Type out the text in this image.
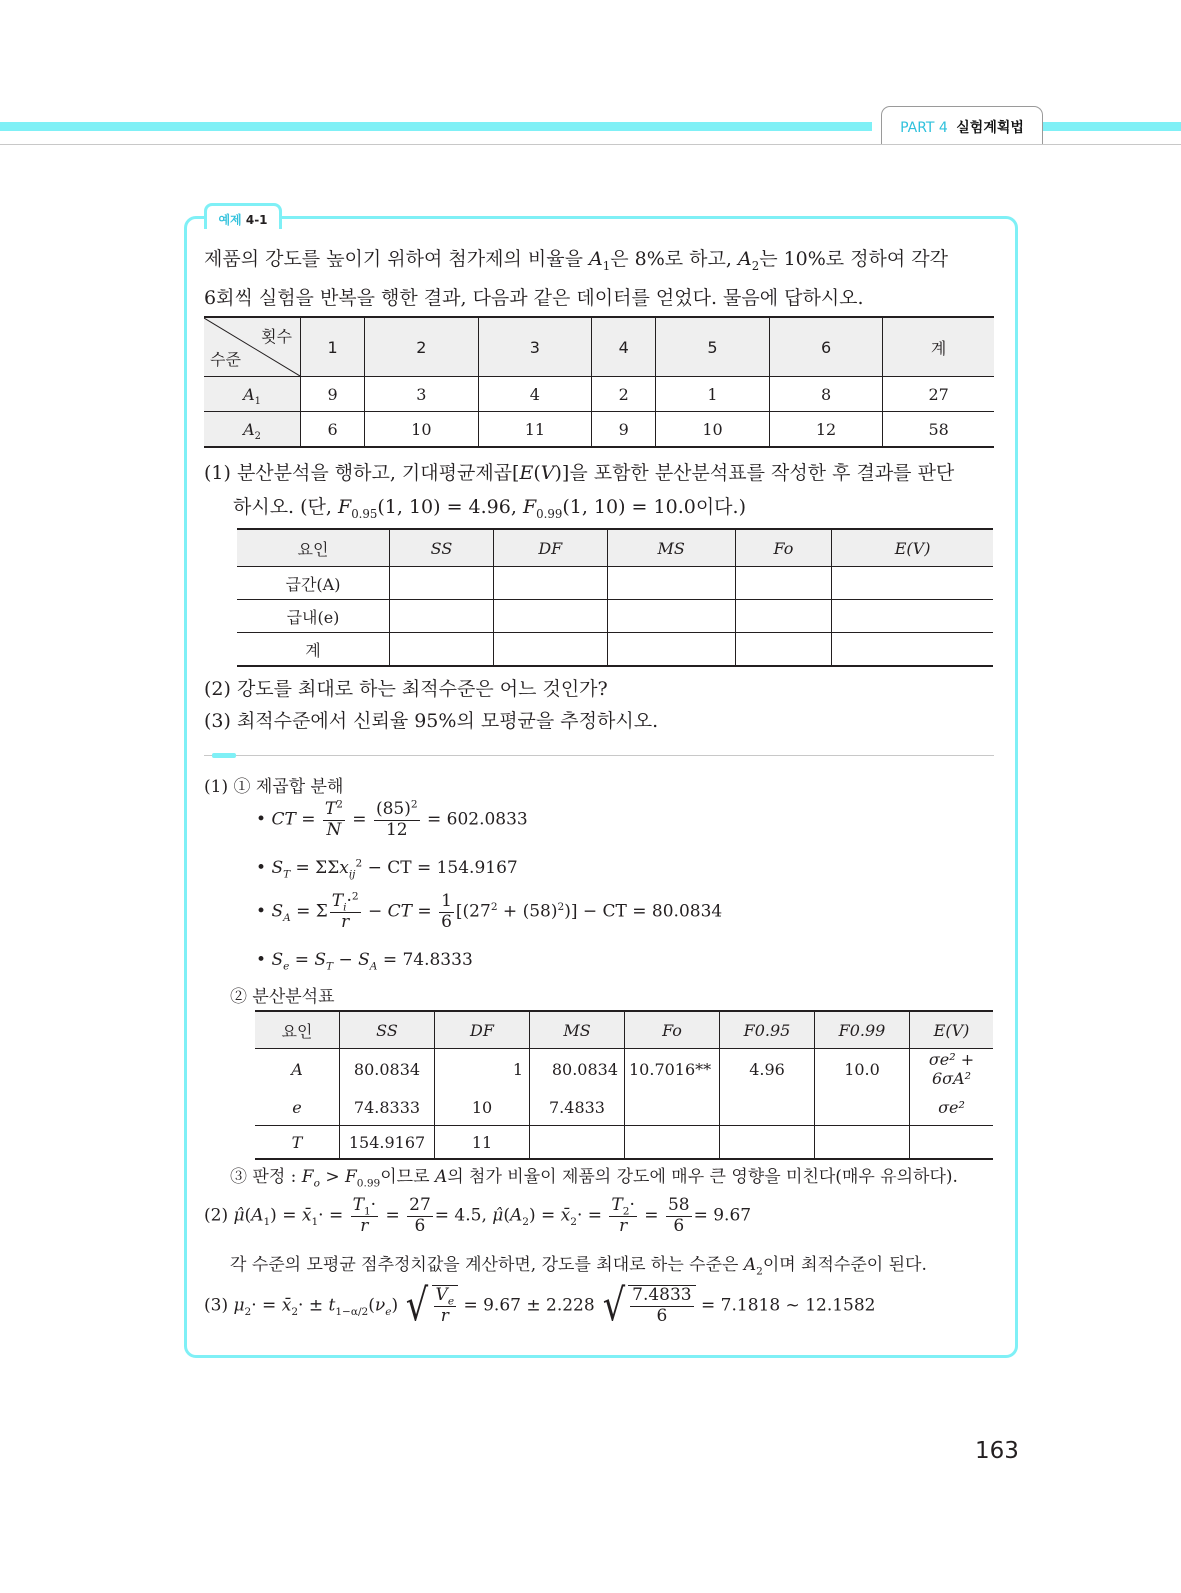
PART 4 실험계획법
예제 4-1
제품의 강도를 높이기 위하여 첨가제의 비율을 $A_1$은 8%로 하고, $A_2$는 10%로 정하여 각각
6회씩 실험을 반복을 행한 결과, 다음과 같은 데이터를 얻었다. 물음에 답하시오.
횟수
수준	1	2	3	4	5	6	계
$A_1$	9	3	4	2	1	8	27
$A_2$	6	10	11	9	10	12	58
(1) 분산분석을 행하고, 기대평균제곱[E(V)]을 포함한 분산분석표를 작성한 후 결과를 판단
하시오. (단, $F_{0.95}(1$, 10) = 4.96, $F_{0.99}(1$, 10) = 10.0이다.)
요인	SS	DF	MS	Fo	E(V)
급간(A)					
급내(e)					
계					
(2) 강도를 최대로 하는 최적수준은 어느 것인가?
(3) 최적수준에서 신뢰율 95%의 모평균을 추정하시오.
(1) ① 제곱합 분해
• CT = $\frac{T^2}{N} = \frac{(85)^2}{12} = 602.0833$
• $S_T = \Sigma\Sigma x_{ij}^2$ − CT = 154.9167
• $S_A = \Sigma \frac{T_i\cdot^2}{r}$ − CT = $\frac{1}{6} [(27^2 + (58)^2)]$ − CT = 80.0834
• $S_e = S_T - S_A = 74.8333$
② 분산분석표
요인	SS	DF	MS	Fo	F0.95	F0.99	E(V)
A	80.0834	1	80.0834	10.7016**	4.96	10.0	σe² + 6σA²
e	74.8333	10	7.4833				σe²
T	154.9167	11					
③ 판정 : $F_o > F_{0.99}$이므로 A의 첨가 비율이 제품의 강도에 매우 큰 영향을 미친다(매우 유의하다).
(2) $\mû(A_1)$ = $x̄_1\cdot = \frac{T_1\cdot}{r} = \frac{27}{6} = 4.5$, $\mû(A_2)$ = $x̄_2\cdot = \frac{T_2\cdot}{r} = \frac{58}{6} = 9.67$
각 수준의 모평균 점추정치값을 계산하면, 강도를 최대로 하는 수준은 $A_2$이며 최적수준이 된다.
(3) $\mu_2\cdot$ = $x̄_2\cdot \pm t_{1-\alpha/2}(\nu_e)$ √ $\frac{V_e}{r} = 9.67 \pm 2.228$ √ $\frac{7.4833}{6} = 7.1818$ ~ 12.1582
163
